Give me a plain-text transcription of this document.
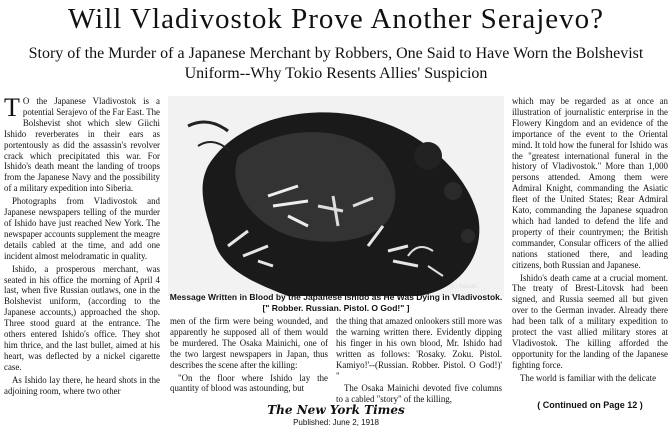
Will Vladivostok Prove Another Serajevo?
Story of the Murder of a Japanese Merchant by Robbers, One Said to Have Worn the Bolshevist Uniform--Why Tokio Resents Allies' Suspicion

T O the Japanese Vladivostok is a potential Serajevo of the Far East. The Bolshevist shot which slew Giichi Ishido reverberates in their ears as portentously as did the assassin's revolver crack which precipitated this war. For Ishido's death meant the landing of troops from the Japanese Navy and the possibility of a military expedition into Siberia.

Photographs from Vladivostok and Japanese newspapers telling of the murder of Ishido have just reached New York. The newspaper accounts supplement the meagre details cabled at the time, and add one incident almost melodramatic in quality.

Ishido, a prosperous merchant, was seated in his office the morning of April 4 last, when five Russian outlaws, one in the Bolshevist uniform, (according to the Japanese accounts,) approached the shop. Three stood guard at the entrance. The others entered Ishido's office. They shot him thrice, and the last bullet, aimed at his heart, was deflected by a nickel cigarette case.

As Ishido lay there, he heard shots in the adjoining room, where two other

(c) Adachi.
Message Written in Blood by the Japanese Ishido as He Was Dying in Vladivostok.
[" Robber. Russian. Pistol. O God!" ]

men of the firm were being wounded, and apparently he supposed all of them would be murdered. The Osaka Mainichi, one of the two largest newspapers in Japan, thus describes the scene after the killing:

"On the floor where Ishido lay the quantity of blood was astounding, but

the thing that amazed onlookers still more was the warning written there. Evidently dipping his finger in his own blood, Mr. Ishido had written as follows: 'Rosaky. Zoku. Pistol. Kamiyo!'--(Russian. Robber. Pistol. O God!)' "

The Osaka Mainichi devoted five columns to a cabled "story" of the killing,

which may be regarded as at once an illustration of journalistic enterprise in the Flowery Kingdom and an evidence of the importance of the event to the Oriental mind. It told how the funeral for Ishido was the "greatest international funeral in the history of Vladivostok." More than 1,000 persons attended. Among them were Admiral Knight, commanding the Asiatic fleet of the United States; Rear Admiral Kato, commanding the Japanese squadron which had landed to defend the life and property of their countrymen; the British commander, Consular officers of the allied nations stationed there, and leading citizens, both Russian and Japanese.

Ishido's death came at a crucial moment. The treaty of Brest-Litovsk had been signed, and Russia seemed all but given over to the German invader. Already there had been talk of a military expedition to protect the vast allied military stores at Vladivostok. The killing afforded the opportunity for the landing of the Japanese fighting force.

The world is familiar with the delicate

( Continued on Page 12 )
The New York Times
Published: June 2, 1918
